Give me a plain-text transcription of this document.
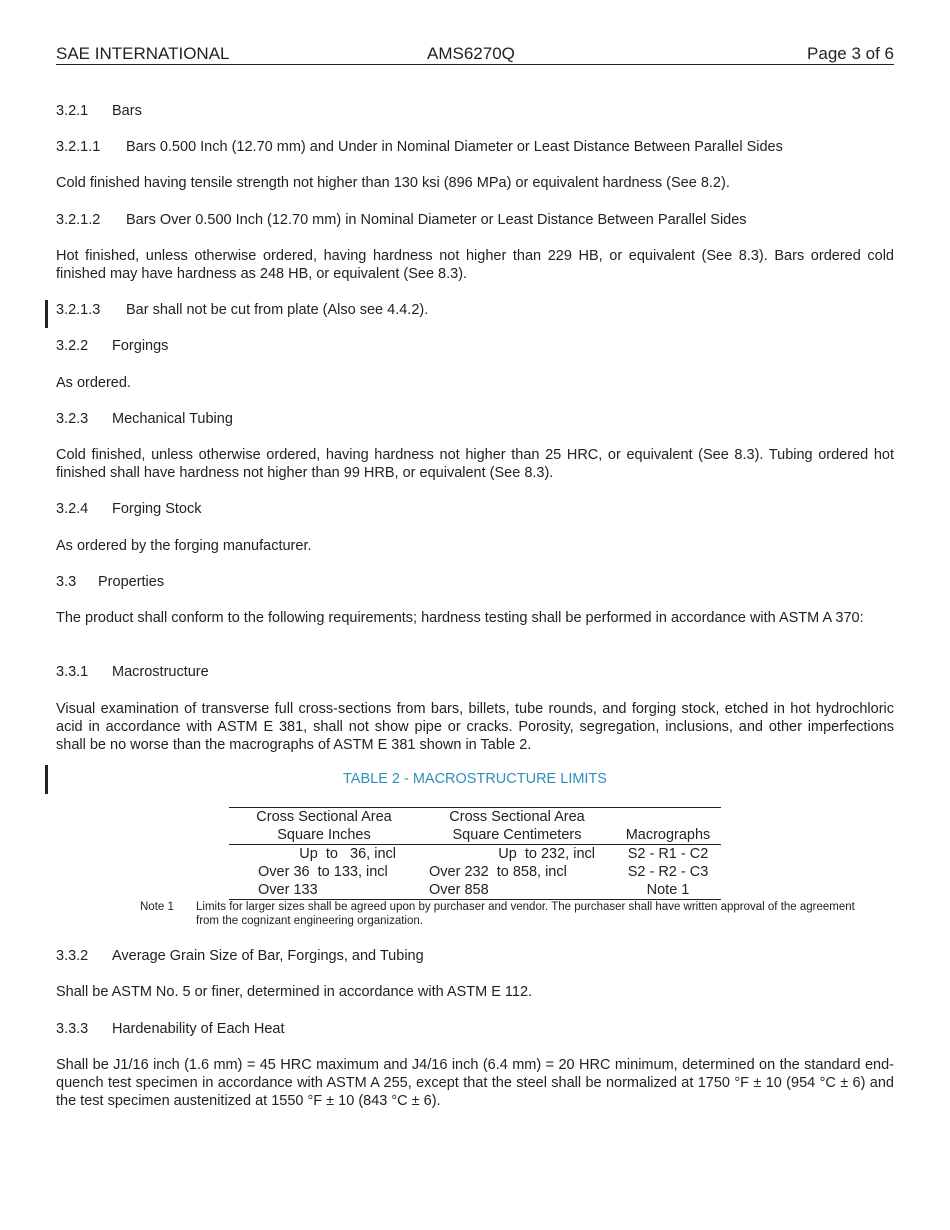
SAE INTERNATIONAL	AMS6270Q	Page 3 of 6
3.2.1 Bars
3.2.1.1 Bars 0.500 Inch (12.70 mm) and Under in Nominal Diameter or Least Distance Between Parallel Sides
Cold finished having tensile strength not higher than 130 ksi (896 MPa) or equivalent hardness (See 8.2).
3.2.1.2 Bars Over 0.500 Inch (12.70 mm) in Nominal Diameter or Least Distance Between Parallel Sides
Hot finished, unless otherwise ordered, having hardness not higher than 229 HB, or equivalent (See 8.3). Bars ordered cold finished may have hardness as 248 HB, or equivalent (See 8.3).
3.2.1.3 Bar shall not be cut from plate (Also see 4.4.2).
3.2.2 Forgings
As ordered.
3.2.3 Mechanical Tubing
Cold finished, unless otherwise ordered, having hardness not higher than 25 HRC, or equivalent (See 8.3). Tubing ordered hot finished shall have hardness not higher than 99 HRB, or equivalent (See 8.3).
3.2.4 Forging Stock
As ordered by the forging manufacturer.
3.3 Properties
The product shall conform to the following requirements; hardness testing shall be performed in accordance with ASTM A 370:
3.3.1 Macrostructure
Visual examination of transverse full cross-sections from bars, billets, tube rounds, and forging stock, etched in hot hydrochloric acid in accordance with ASTM E 381, shall not show pipe or cracks. Porosity, segregation, inclusions, and other imperfections shall be no worse than the macrographs of ASTM E 381 shown in Table 2.
TABLE 2 - MACROSTRUCTURE LIMITS
Cross Sectional Area	Cross Sectional Area	
Square Inches	Square Centimeters	Macrographs
Up  to   36, incl	Up  to 232, incl	S2 - R1 - C2
Over 36  to 133, incl	Over 232  to 858, incl	S2 - R2 - C3
Over 133	Over 858	Note 1
Note 1 Limits for larger sizes shall be agreed upon by purchaser and vendor. The purchaser shall have written approval of the agreement from the cognizant engineering organization.
3.3.2 Average Grain Size of Bar, Forgings, and Tubing
Shall be ASTM No. 5 or finer, determined in accordance with ASTM E 112.
3.3.3 Hardenability of Each Heat
Shall be J1/16 inch (1.6 mm) = 45 HRC maximum and J4/16 inch (6.4 mm) = 20 HRC minimum, determined on the standard end-quench test specimen in accordance with ASTM A 255, except that the steel shall be normalized at 1750 °F ± 10 (954 °C ± 6) and the test specimen austenitized at 1550 °F ± 10 (843 °C ± 6).
